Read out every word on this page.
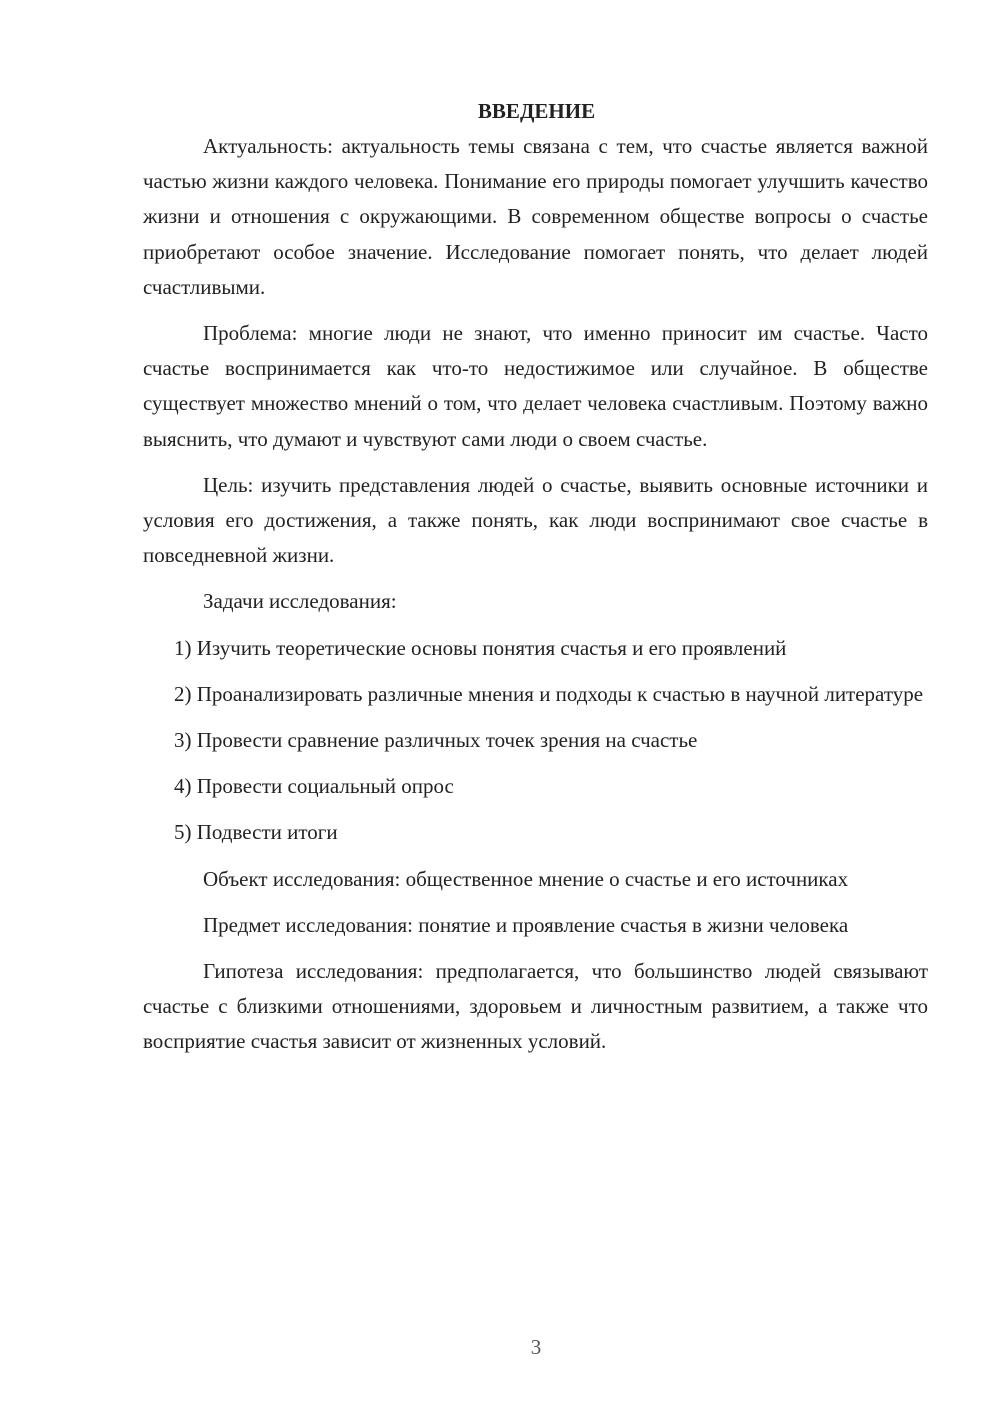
ВВЕДЕНИЕ

Актуальность: актуальность темы связана с тем, что счастье является важной частью жизни каждого человека. Понимание его природы помогает улучшить качество жизни и отношения с окружающими. В современном обществе вопросы о счастье приобретают особое значение. Исследование помогает понять, что делает людей счастливыми.

Проблема: многие люди не знают, что именно приносит им счастье. Часто счастье воспринимается как что-то недостижимое или случайное. В обществе существует множество мнений о том, что делает человека счастливым. Поэтому важно выяснить, что думают и чувствуют сами люди о своем счастье.

Цель: изучить представления людей о счастье, выявить основные источники и условия его достижения, а также понять, как люди воспринимают свое счастье в повседневной жизни.

Задачи исследования:

1) Изучить теоретические основы понятия счастья и его проявлений

2) Проанализировать различные мнения и подходы к счастью в научной литературе

3) Провести сравнение различных точек зрения на счастье

4) Провести социальный опрос

5) Подвести итоги

Объект исследования: общественное мнение о счастье и его источниках

Предмет исследования: понятие и проявление счастья в жизни человека

Гипотеза исследования: предполагается, что большинство людей связывают счастье с близкими отношениями, здоровьем и личностным развитием, а также что восприятие счастья зависит от жизненных условий.

3
